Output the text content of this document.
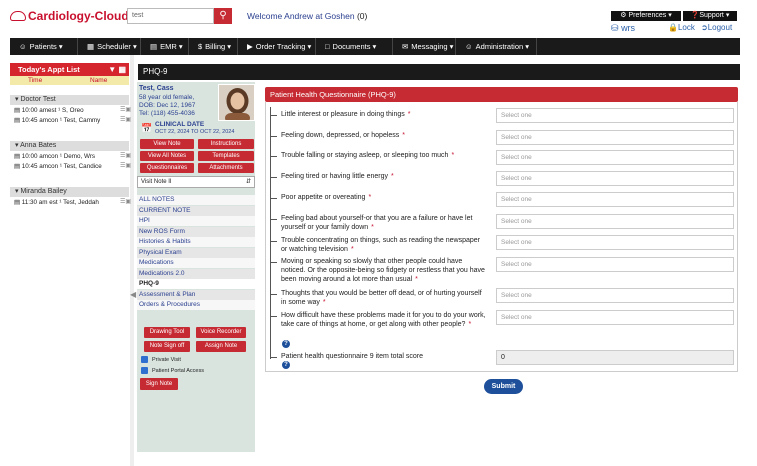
Cardiology-Cloud test	⚲	Welcome Andrew at Goshen (0)	⚙ Preferences ▾	❓Support ▾
⛁ wrs	🔒Lock ➲Logout
☺ Patients ▾	▦ Scheduler ▾	▤ EMR ▾	$ Billing ▾	▶ Order Tracking ▾	□ Documents ▾	✉ Messaging ▾	☺ Administration ▾
Today's Appt List	▼ ▦
Time	Name
◀
PHQ-9
Test, Cass
58 year old female,
DOB: Dec 12, 1967
Tel: (118) 455-4036
📅 CLINICAL DATE
OCT 22, 2024 TO OCT 22, 2024
Visit Note II	⇵
Private Visit
Patient Portal Access
Sign Note
Patient Health Questionnaire (PHQ-9)
Patient health questionnaire 9 item total score
?
0
Submit
▾ Doctor Test
▤ 10:00 amest ¹ S, Oreo	☰▣
▤ 10:45 amcon ¹ Test, Cammy	☰▣
▾ Anna Bates
▤ 10:00 amcon ¹ Demo, Wrs	☰▣
▤ 10:45 amcon ¹ Test, Candice	☰▣
▾ Miranda Bailey
▤ 11:30 am est ¹ Test, Jeddah	☰▣
View Note	Instructions
View All Notes	Templates
Questionnaires	Attachments
ALL NOTES
CURRENT NOTE
HPI
New ROS Form
Histories & Habits
Physical Exam
Medications
Medications 2.0
PHQ-9
Assessment & Plan
Orders & Procedures
Drawing Tool	Voice Recorder
Note Sign off	Assign Note
Little interest or pleasure in doing things *	Select one
Feeling down, depressed, or hopeless *	Select one
Trouble falling or staying asleep, or sleeping too much *	Select one
Feeling tired or having little energy *	Select one
Poor appetite or overeating *	Select one
Feeling bad about yourself-or that you are a failure or have let yourself or your family down *
Select one
Trouble concentrating on things, such as reading the newspaper or watching television *
Select one
Moving or speaking so slowly that other people could have noticed. Or the opposite-being so fidgety or restless that you have been moving around a lot more than usual *
Select one
Thoughts that you would be better off dead, or of hurting yourself in some way *
Select one
How difficult have these problems made it for you to do your work, take care of things at home, or get along with other people? *
Select one
?
